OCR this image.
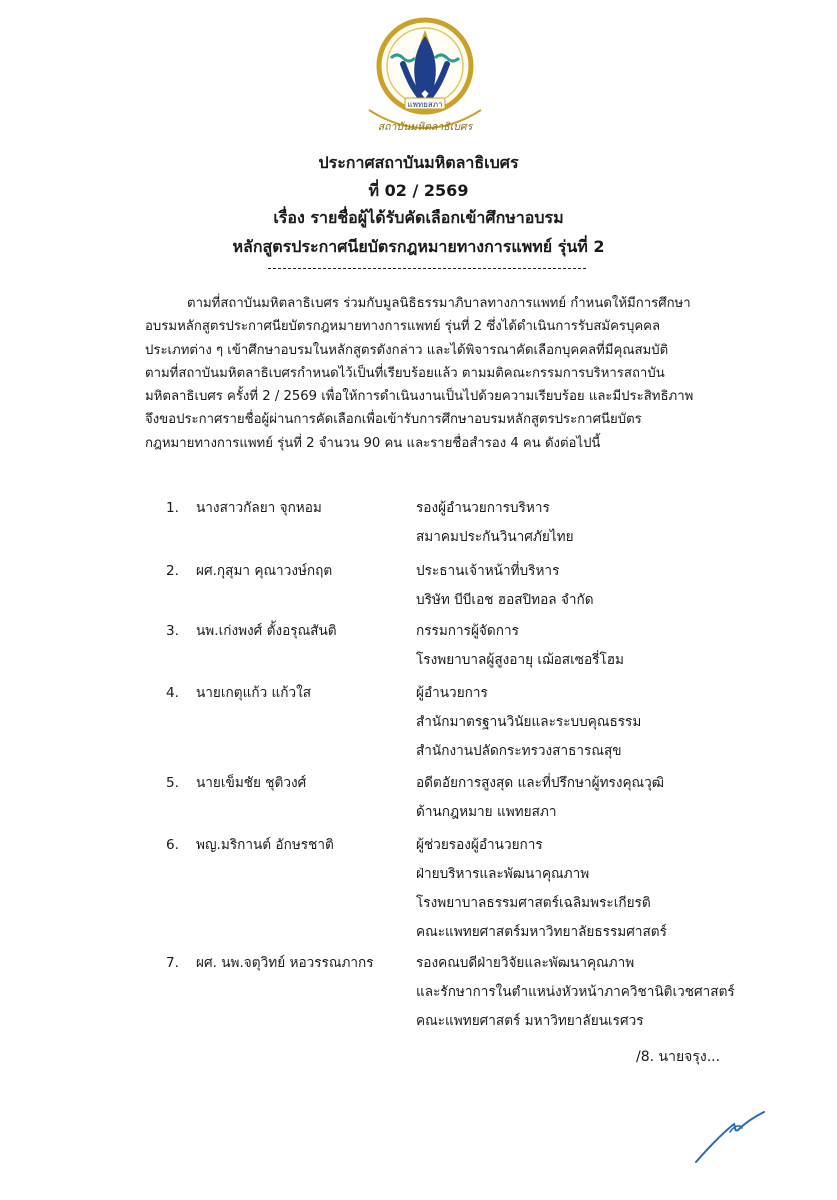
แพทยสภา
สถาบันมหิตลาธิเบศร
ประกาศสถาบันมหิตลาธิเบศร
ที่ 02 / 2569
เรื่อง รายชื่อผู้ได้รับคัดเลือกเข้าศึกษาอบรม
หลักสูตรประกาศนียบัตรกฎหมายทางการแพทย์ รุ่นที่ 2
ตามที่สถาบันมหิตลาธิเบศร ร่วมกับมูลนิธิธรรมาภิบาลทางการแพทย์ กำหนดให้มีการศึกษา
อบรมหลักสูตรประกาศนียบัตรกฎหมายทางการแพทย์ รุ่นที่ 2 ซึ่งได้ดำเนินการรับสมัครบุคคล
ประเภทต่าง ๆ เข้าศึกษาอบรมในหลักสูตรดังกล่าว และได้พิจารณาคัดเลือกบุคคลที่มีคุณสมบัติ
ตามที่สถาบันมหิตลาธิเบศรกำหนดไว้เป็นที่เรียบร้อยแล้ว ตามมติคณะกรรมการบริหารสถาบัน
มหิตลาธิเบศร ครั้งที่ 2 / 2569 เพื่อให้การดำเนินงานเป็นไปด้วยความเรียบร้อย และมีประสิทธิภาพ
จึงขอประกาศรายชื่อผู้ผ่านการคัดเลือกเพื่อเข้ารับการศึกษาอบรมหลักสูตรประกาศนียบัตร
กฎหมายทางการแพทย์ รุ่นที่ 2 จำนวน 90 คน และรายชื่อสำรอง 4 คน ดังต่อไปนี้
1. นางสาวกัลยา จุกหอม	รองผู้อำนวยการบริหาร
สมาคมประกันวินาศภัยไทย
2. ผศ.กุสุมา คุณาวงษ์กฤต	ประธานเจ้าหน้าที่บริหาร
บริษัท บีบีเอช ฮอสปิทอล จำกัด
3. นพ.เก่งพงศ์ ตั้งอรุณสันติ	กรรมการผู้จัดการ
โรงพยาบาลผู้สูงอายุ เฌ้อสเซอรี่โฮม
4. นายเกตุแก้ว แก้วใส	ผู้อำนวยการ
สำนักมาตรฐานวินัยและระบบคุณธรรม
สำนักงานปลัดกระทรวงสาธารณสุข
5. นายเข็มชัย ชุติวงศ์	อดีตอัยการสูงสุด และที่ปรึกษาผู้ทรงคุณวุฒิ
ด้านกฎหมาย แพทยสภา
6. พญ.มริกานต์ อักษรชาติ	ผู้ช่วยรองผู้อำนวยการ
ฝ่ายบริหารและพัฒนาคุณภาพ
โรงพยาบาลธรรมศาสตร์เฉลิมพระเกียรติ
คณะแพทยศาสตร์มหาวิทยาลัยธรรมศาสตร์
7. ผศ. นพ.จตุวิทย์ หอวรรณภากร	รองคณบดีฝ่ายวิจัยและพัฒนาคุณภาพ
และรักษาการในตำแหน่งหัวหน้าภาควิชานิติเวชศาสตร์
คณะแพทยศาสตร์ มหาวิทยาลัยนเรศวร
/8. นายจรุง...
